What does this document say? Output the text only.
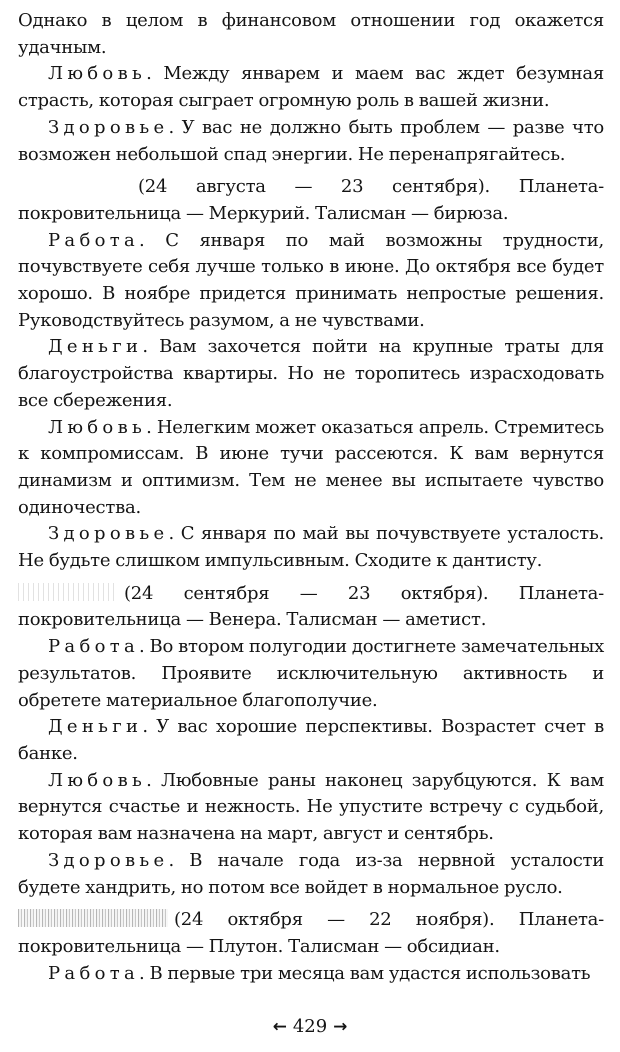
Однако в целом в финансовом отношении год окажется удачным.

Любовь. Между январем и маем вас ждет безумная страсть, которая сыграет огромную роль в вашей жизни.

Здоровье. У вас не должно быть проблем — разве что возможен небольшой спад энергии. Не перенапрягайтесь.

(24 августа — 23 сентября). Планета-покровительница — Меркурий. Талисман — бирюза.

Работа. С января по май возможны трудности, почувствуете себя лучше только в июне. До октября все будет хорошо. В ноябре придется принимать непростые решения. Руководствуйтесь разумом, а не чувствами.

Деньги. Вам захочется пойти на крупные траты для благоустройства квартиры. Но не торопитесь израсходовать все сбережения.

Любовь. Нелегким может оказаться апрель. Стремитесь к компромиссам. В июне тучи рассеются. К вам вернутся динамизм и оптимизм. Тем не менее вы испытаете чувство одиночества.

Здоровье. С января по май вы почувствуете усталость. Не будьте слишком импульсивным. Сходите к дантисту.

(24 сентября — 23 октября). Планета-покровительница — Венера. Талисман — аметист.

Работа. Во втором полугодии достигнете замечательных результатов. Проявите исключительную активность и обретете материальное благополучие.

Деньги. У вас хорошие перспективы. Возрастет счет в банке.

Любовь. Любовные раны наконец зарубцуются. К вам вернутся счастье и нежность. Не упустите встречу с судьбой, которая вам назначена на март, август и сентябрь.

Здоровье. В начале года из-за нервной усталости будете хандрить, но потом все войдет в нормальное русло.

(24 октября — 22 ноября). Планета-покровительница — Плутон. Талисман — обсидиан.

Работа. В первые три месяца вам удастся использовать

← 429 →
